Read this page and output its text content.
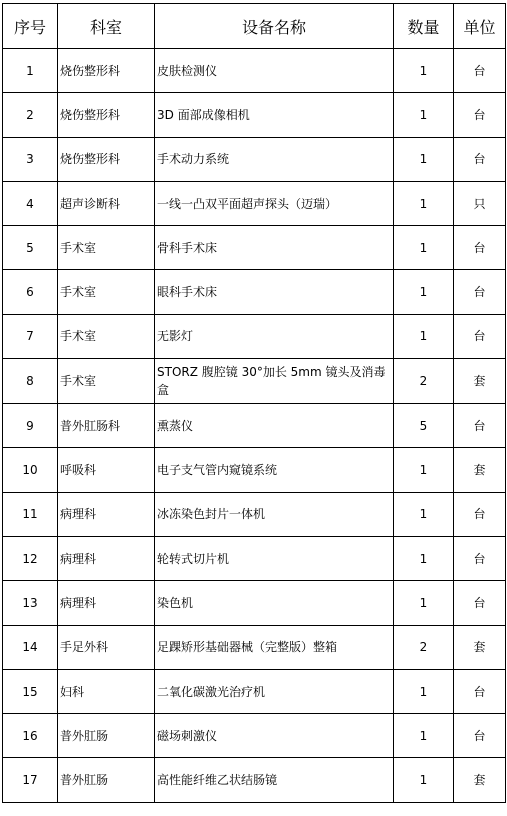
序号	科室	设备名称	数量	单位
1	烧伤整形科	皮肤检测仪	1	台
2	烧伤整形科	3D 面部成像相机	1	台
3	烧伤整形科	手术动力系统	1	台
4	超声诊断科	一线一凸双平面超声探头（迈瑞）	1	只
5	手术室	骨科手术床	1	台
6	手术室	眼科手术床	1	台
7	手术室	无影灯	1	台
8	手术室	STORZ 腹腔镜 30°加长 5mm 镜头及消毒盒	2	套
9	普外肛肠科	熏蒸仪	5	台
10	呼吸科	电子支气管内窥镜系统	1	套
11	病理科	冰冻染色封片一体机	1	台
12	病理科	轮转式切片机	1	台
13	病理科	染色机	1	台
14	手足外科	足踝矫形基础器械（完整版）整箱	2	套
15	妇科	二氧化碳激光治疗机	1	台
16	普外肛肠	磁场刺激仪	1	台
17	普外肛肠	高性能纤维乙状结肠镜	1	套
